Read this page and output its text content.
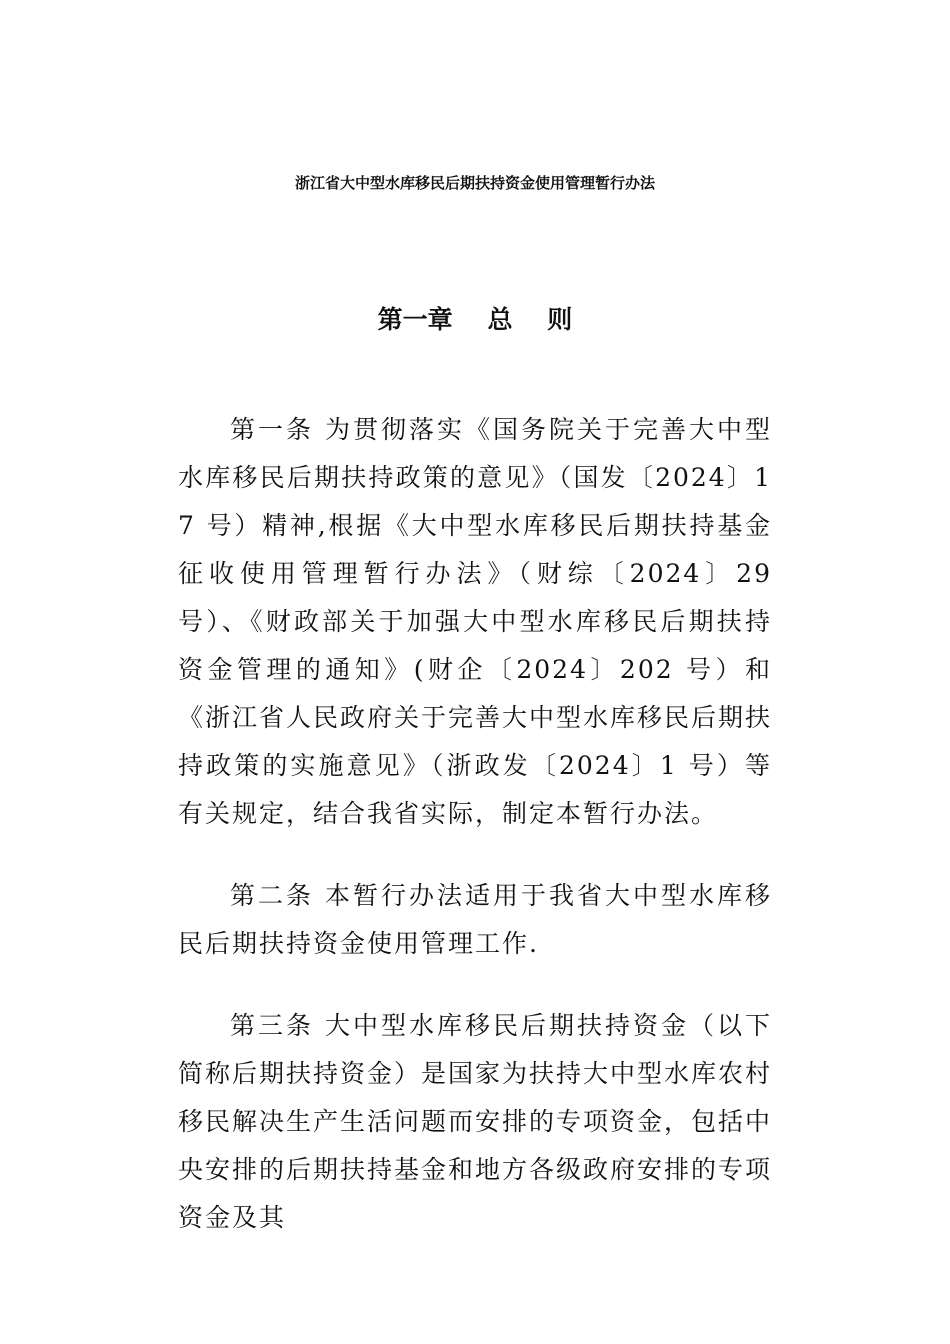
浙江省大中型水库移民后期扶持资金使用管理暂行办法
第一章    总    则

第一条 为贯彻落实《国务院关于完善大中型水库移民后期扶持政策的意见》（国发〔2024〕17 号）精神,根据《大中型水库移民后期扶持基金征收使用管理暂行办法》（财综〔2024〕29 号）、《财政部关于加强大中型水库移民后期扶持资金管理的通知》(财企〔2024〕202 号）和《浙江省人民政府关于完善大中型水库移民后期扶持政策的实施意见》（浙政发〔2024〕1 号）等有关规定，结合我省实际，制定本暂行办法。

第二条 本暂行办法适用于我省大中型水库移民后期扶持资金使用管理工作.

第三条 大中型水库移民后期扶持资金（以下简称后期扶持资金）是国家为扶持大中型水库农村移民解决生产生活问题而安排的专项资金，包括中央安排的后期扶持基金和地方各级政府安排的专项资金及其
